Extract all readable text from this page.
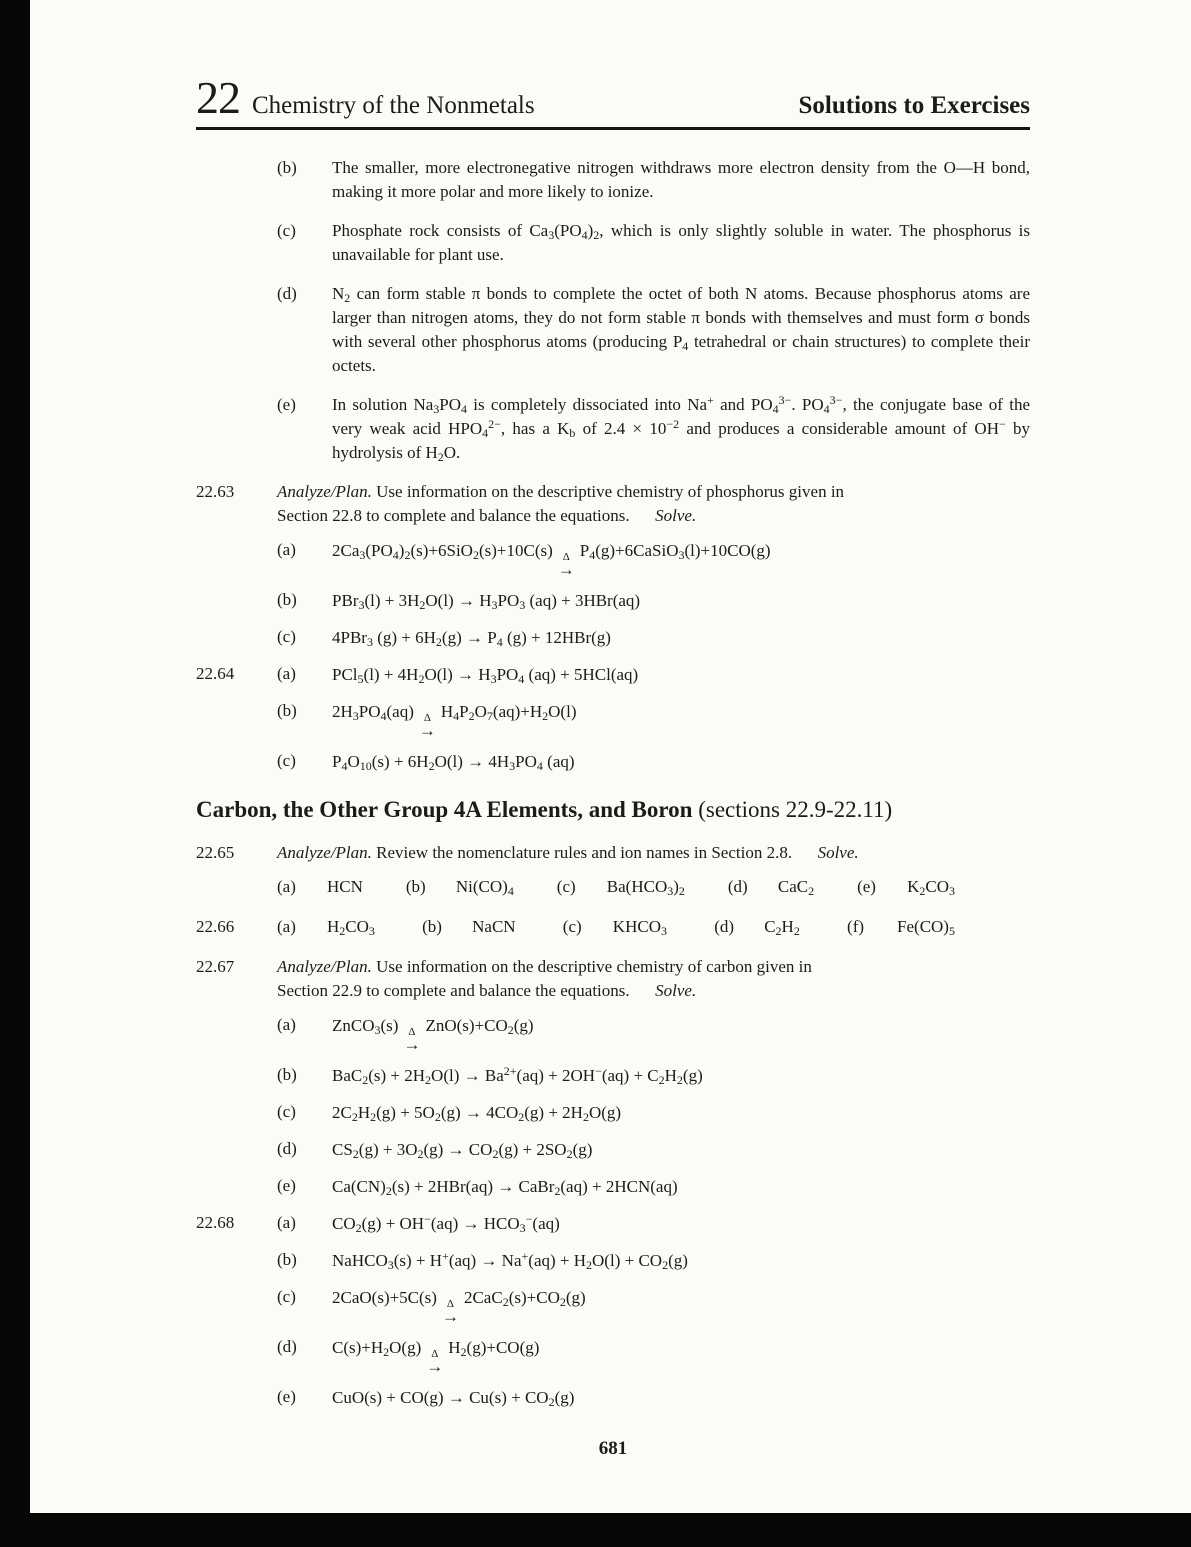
22 Chemistry of the Nonmetals	Solutions to Exercises
(b)	The smaller, more electronegative nitrogen withdraws more electron density from the O—H bond, making it more polar and more likely to ionize.
(c)	Phosphate rock consists of $Ca_3(PO_4)_2$, which is only slightly soluble in water. The phosphorus is unavailable for plant use.
(d)	$N_2$ can form stable π bonds to complete the octet of both N atoms. Because phosphorus atoms are larger than nitrogen atoms, they do not form stable π bonds with themselves and must form σ bonds with several other phosphorus atoms (producing $P_4$ tetrahedral or chain structures) to complete their octets.
(e)	In solution $Na_3PO_4$ is completely dissociated into Na+ and $PO_4^{3-}$. $PO_4^{3-}$, the conjugate base of the very weak acid $HPO_4^{2-}$, has a $K_b$ of $2.4 \times 10^{-2}$ and produces a considerable amount of OH− by hydrolysis of $H_2O$.
22.63	Analyze/Plan. Use information on the descriptive chemistry of phosphorus given in
Section 22.8 to complete and balance the equations.      Solve.
(a)	$2Ca_3(PO_4)_2(s)+6SiO_2(s)+10C(s)$ Δ
→
$P_4(g)+6CaSiO_3(l)+10CO(g)$
(b)	$PBr_3(l) + 3H_2O(l) \to H_3PO_3$ (aq) + 3HBr(aq)
(c)	4PBr$_3$ $(g) + 6H_2(g) \to P_4$ (g) + 12HBr(g)
22.64	(a)	$PCl_5(l) + 4H_2O(l) \to H_3PO_4$ (aq) + 5HCl(aq)
(b)	$2H_3PO_4(aq)$ Δ
→
$H_4P_2O_7(aq)+H_2O(l)$
(c)	$P_4O_{10}(s) + 6H_2O(l) \to 4H_3PO_4$ (aq)
Carbon, the Other Group 4A Elements, and Boron (sections 22.9-22.11)
22.65	Analyze/Plan. Review the nomenclature rules and ion names in Section 2.8.      Solve.
(a)	HCN	(b)	$Ni(CO)_4$	(c)	$Ba(HCO_3)_2$	(d)	CaC$_2$	(e)	$K_2CO_3$
22.66	(a)	$H_2CO_3$	(b)	NaCN	(c)	$KHCO_3$	(d)	$C_2H_2$	(f)	$Fe(CO)_5$
22.67	Analyze/Plan. Use information on the descriptive chemistry of carbon given in
Section 22.9 to complete and balance the equations.      Solve.
(a)	ZnCO$_3$(s) Δ
→
$ZnO(s)+CO_2(g)$
(b)	$BaC_2(s) + 2H_2O(l) \to Ba^{2+}(aq) + 2OH^-(aq) + C_2H_2(g)$
(c)	$2C_2H_2(g) + 5O_2(g) \to 4CO_2(g) + 2H_2O(g)$
(d)	$CS_2(g) + 3O_2(g) \to CO_2(g) + 2SO_2(g)$
(e)	$Ca(CN)_2(s) + 2HBr(aq)$ → CaBr$_2$(aq) + 2HCN(aq)
22.68	(a)	$CO_2(g) + OH^-(aq) \to HCO_3^-(aq)$
(b)	NaHCO$_3$(s) + $H^+(aq) \to Na^+(aq) + H_2O(l) + CO_2(g)$
(c)	2CaO(s)+5C(s) Δ
→
$2CaC_2(s)+CO_2(g)$
(d)	$C(s)+H_2O(g)$ Δ
→
$H_2(g)+CO(g)$
(e)	$CuO(s) + CO(g) \to Cu(s) + CO_2(g)$
681
